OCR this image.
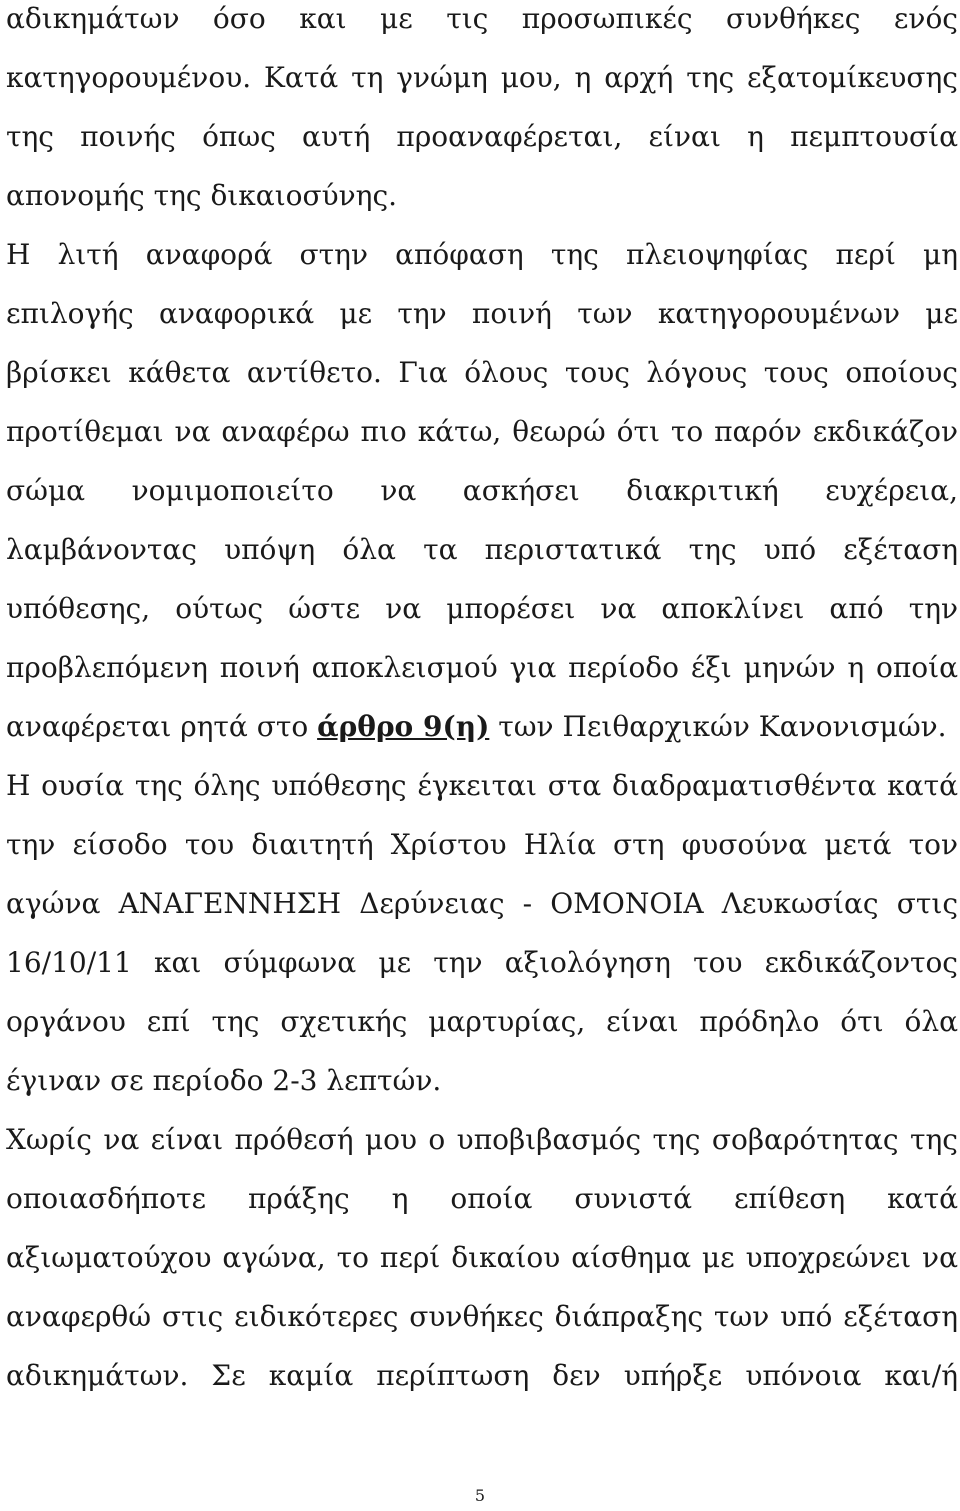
αδικημάτων όσο και με τις προσωπικές συνθήκες ενός
κατηγορουμένου. Κατά τη γνώμη μου, η αρχή της εξατομίκευσης
της ποινής όπως αυτή προαναφέρεται, είναι η πεμπτουσία
απονομής της δικαιοσύνης.
Η λιτή αναφορά στην απόφαση της πλειοψηφίας περί μη
επιλογής αναφορικά με την ποινή των κατηγορουμένων με
βρίσκει κάθετα αντίθετο. Για όλους τους λόγους τους οποίους
προτίθεμαι να αναφέρω πιο κάτω, θεωρώ ότι το παρόν εκδικάζον
σώμα νομιμοποιείτο να ασκήσει διακριτική ευχέρεια,
λαμβάνοντας υπόψη όλα τα περιστατικά της υπό εξέταση
υπόθεσης, ούτως ώστε να μπορέσει να αποκλίνει από την
προβλεπόμενη ποινή αποκλεισμού για περίοδο έξι μηνών η οποία
αναφέρεται ρητά στο άρθρο 9(η) των Πειθαρχικών Κανονισμών.
Η ουσία της όλης υπόθεσης έγκειται στα διαδραματισθέντα κατά
την είσοδο του διαιτητή Χρίστου Ηλία στη φυσούνα μετά τον
αγώνα ΑΝΑΓΕΝΝΗΣΗ Δερύνειας - ΟΜΟΝΟΙΑ Λευκωσίας στις
16/10/11 και σύμφωνα με την αξιολόγηση του εκδικάζοντος
οργάνου επί της σχετικής μαρτυρίας, είναι πρόδηλο ότι όλα
έγιναν σε περίοδο 2-3 λεπτών.
Χωρίς να είναι πρόθεσή μου ο υποβιβασμός της σοβαρότητας της
οποιασδήποτε πράξης η οποία συνιστά επίθεση κατά
αξιωματούχου αγώνα, το περί δικαίου αίσθημα με υποχρεώνει να
αναφερθώ στις ειδικότερες συνθήκες διάπραξης των υπό εξέταση
αδικημάτων. Σε καμία περίπτωση δεν υπήρξε υπόνοια και/ή
5
